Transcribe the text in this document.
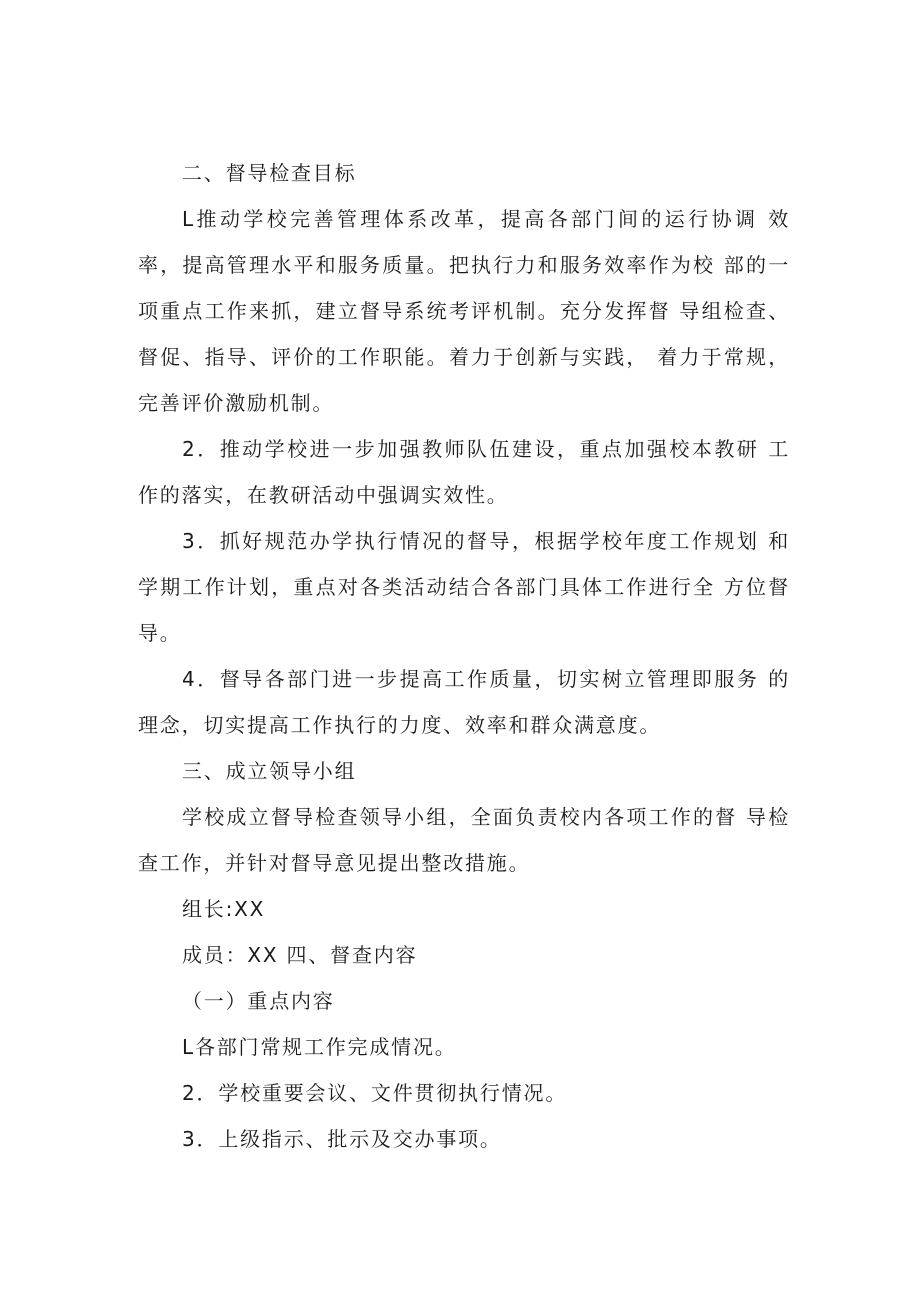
二、督导检查目标

L推动学校完善管理体系改革，提高各部门间的运行协调 效率，提高管理水平和服务质量。把执行力和服务效率作为校 部的一项重点工作来抓，建立督导系统考评机制。充分发挥督 导组检查、督促、指导、评价的工作职能。着力于创新与实践， 着力于常规，完善评价激励机制。

2．推动学校进一步加强教师队伍建设，重点加强校本教研 工作的落实，在教研活动中强调实效性。

3．抓好规范办学执行情况的督导，根据学校年度工作规划 和学期工作计划，重点对各类活动结合各部门具体工作进行全 方位督导。

4．督导各部门进一步提高工作质量，切实树立管理即服务 的理念，切实提高工作执行的力度、效率和群众满意度。

三、成立领导小组

学校成立督导检查领导小组，全面负责校内各项工作的督 导检查工作，并针对督导意见提出整改措施。

组长:XX

成员：XX 四、督查内容

（一）重点内容

L各部门常规工作完成情况。

2．学校重要会议、文件贯彻执行情况。

3．上级指示、批示及交办事项。
